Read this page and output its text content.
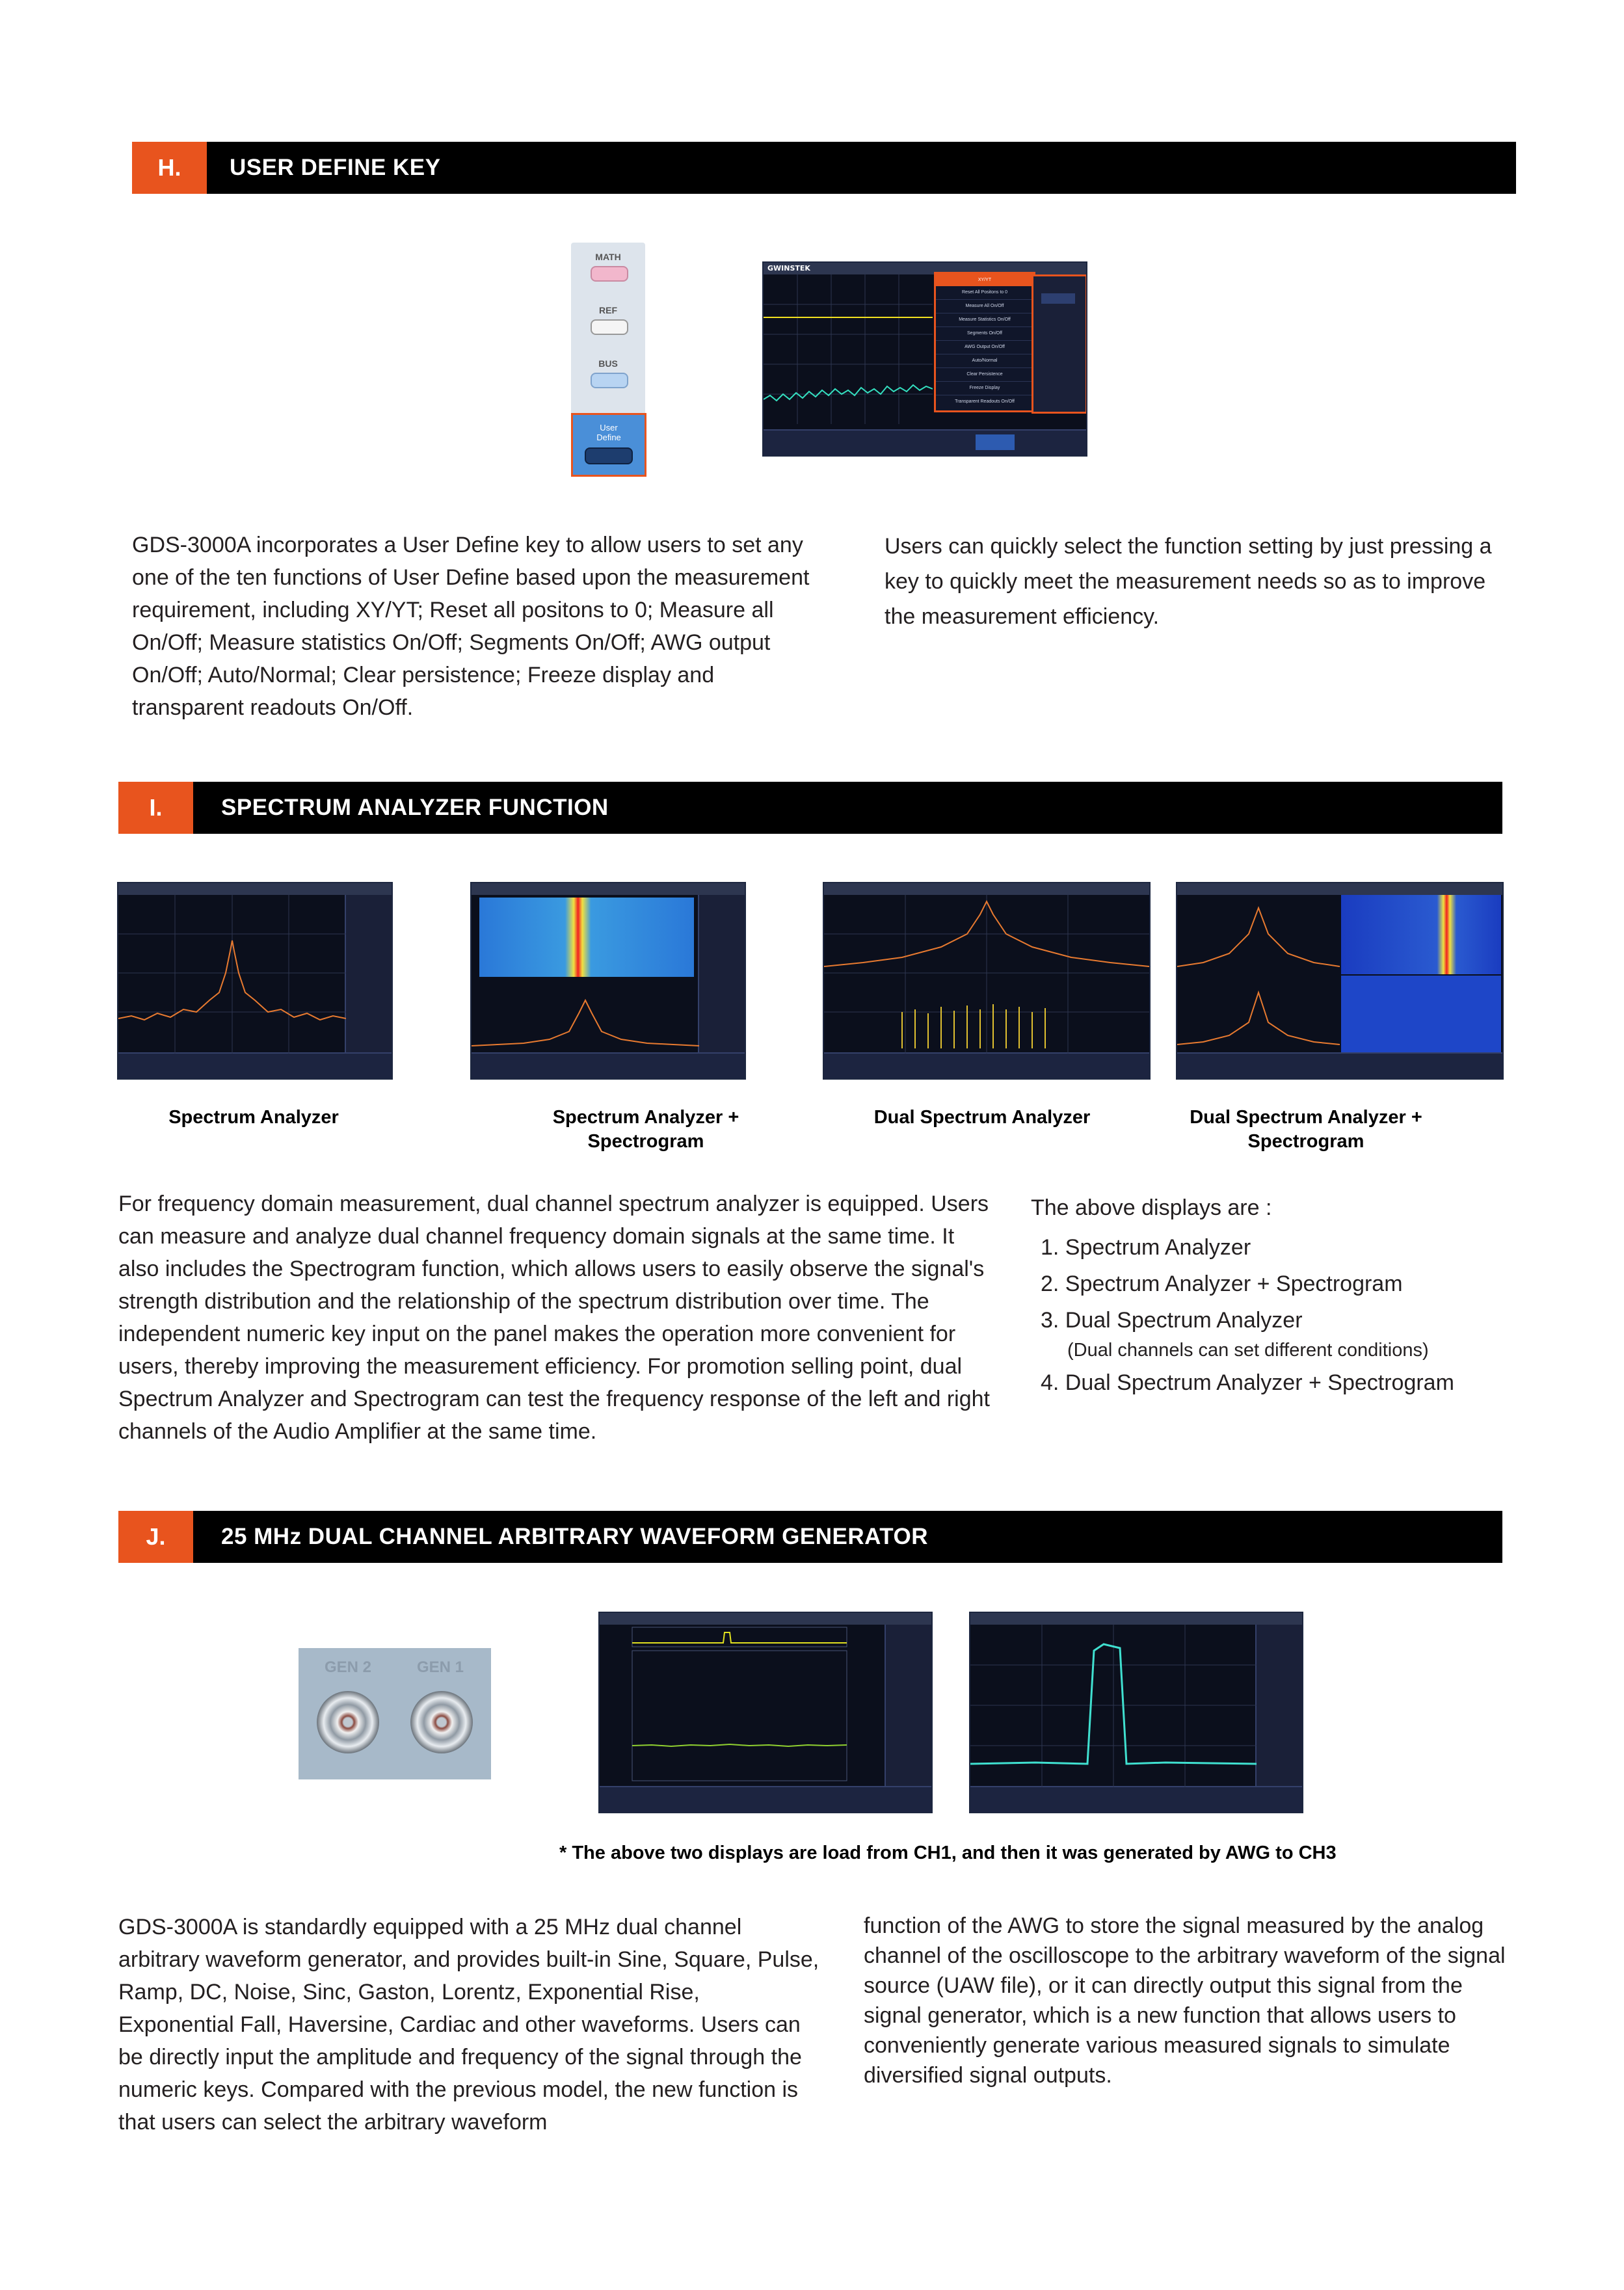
H.	USER DEFINE KEY
MATH
REF
BUS
User
Define
GWINSTEK
XY/YT
Reset All Positons to 0
Measure All On/Off
Measure Statistics On/Off
Segments On/Off
AWG Output On/Off
Auto/Normal
Clear Persistence
Freeze Display
Transparent Readouts On/Off
GDS-3000A incorporates a User Define key to allow users to set any one of the ten functions of User Define based upon the measurement requirement, including XY/YT; Reset all positons to 0; Measure all On/Off; Measure statistics On/Off; Segments On/Off; AWG output On/Off; Auto/Normal; Clear persistence; Freeze display and transparent readouts On/Off.
Users can quickly select the function setting by just pressing a key to quickly meet the measurement needs so as to improve the measurement efficiency.
I.	SPECTRUM ANALYZER FUNCTION
Spectrum Analyzer	Spectrum Analyzer +
Spectrogram
Dual Spectrum Analyzer	Dual Spectrum Analyzer +
Spectrogram
For frequency domain measurement, dual channel spectrum analyzer is equipped. Users can measure and analyze dual channel frequency domain signals at the same time. It also includes the Spectrogram function, which allows users to easily observe the signal's strength distribution and the relationship of the spectrum distribution over time. The independent numeric key input on the panel makes the operation more convenient for users, thereby improving the measurement efficiency. For promotion selling point, dual Spectrum Analyzer and Spectrogram can test the frequency response of the left and right channels of the Audio Amplifier at the same time.
The above displays are :
1. Spectrum Analyzer
2. Spectrum Analyzer + Spectrogram
3. Dual Spectrum Analyzer
(Dual channels can set different conditions)
4. Dual Spectrum Analyzer + Spectrogram
J.	25 MHz DUAL CHANNEL ARBITRARY WAVEFORM GENERATOR
GEN 2	GEN 1
* The above two displays are load from CH1, and then it was generated by AWG to CH3
GDS-3000A is standardly equipped with a 25 MHz dual channel arbitrary waveform generator, and provides built-in Sine, Square, Pulse, Ramp, DC, Noise, Sinc, Gaston, Lorentz, Exponential Rise, Exponential Fall, Haversine, Cardiac and other waveforms. Users can be directly input the amplitude and frequency of the signal through the numeric keys. Compared with the previous model, the new function is that users can select the arbitrary waveform
function of the AWG to store the signal measured by the analog channel of the oscilloscope to the arbitrary waveform of the signal source (UAW file), or it can directly output this signal from the signal generator, which is a new function that allows users to conveniently generate various measured signals to simulate diversified signal outputs.
